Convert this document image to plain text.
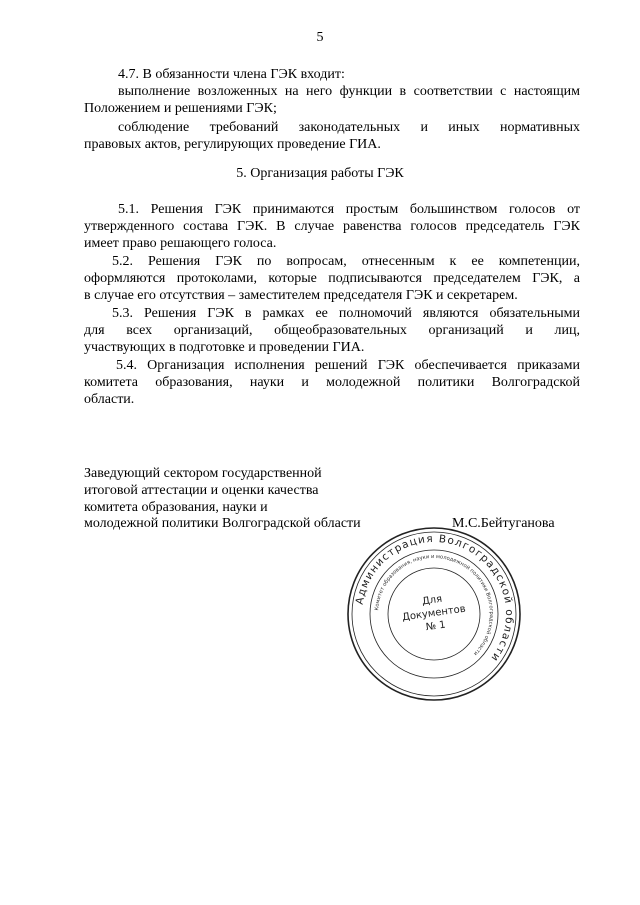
5
4.7. В обязанности члена ГЭК входит:
выполнение возложенных на него функции в соответствии с настоящим
Положением и решениями ГЭК;
соблюдение требований законодательных и иных нормативных
правовых актов, регулирующих проведение ГИА.
5. Организация работы ГЭК
5.1. Решения ГЭК принимаются простым большинством голосов от
утвержденного состава ГЭК. В случае равенства голосов председатель ГЭК
имеет право решающего голоса.
5.2. Решения ГЭК по вопросам, отнесенным к ее компетенции,
оформляются протоколами, которые подписываются председателем ГЭК, а
в случае его отсутствия – заместителем председателя ГЭК и секретарем.
5.3. Решения ГЭК в рамках ее полномочий являются обязательными
для всех организаций, общеобразовательных организаций и лиц,
участвующих в подготовке и проведении ГИА.
5.4. Организация исполнения решений ГЭК обеспечивается приказами
комитета образования, науки и молодежной политики Волгоградской
области.
Заведующий сектором государственной
итоговой аттестации и оценки качества
комитета образования, науки и
молодежной политики Волгоградской области	М.С.Бейтуганова
Администрация Волгоградской области
Комитет образования, науки и молодежной политики Волгоградской области
Для
Документов
№ 1
